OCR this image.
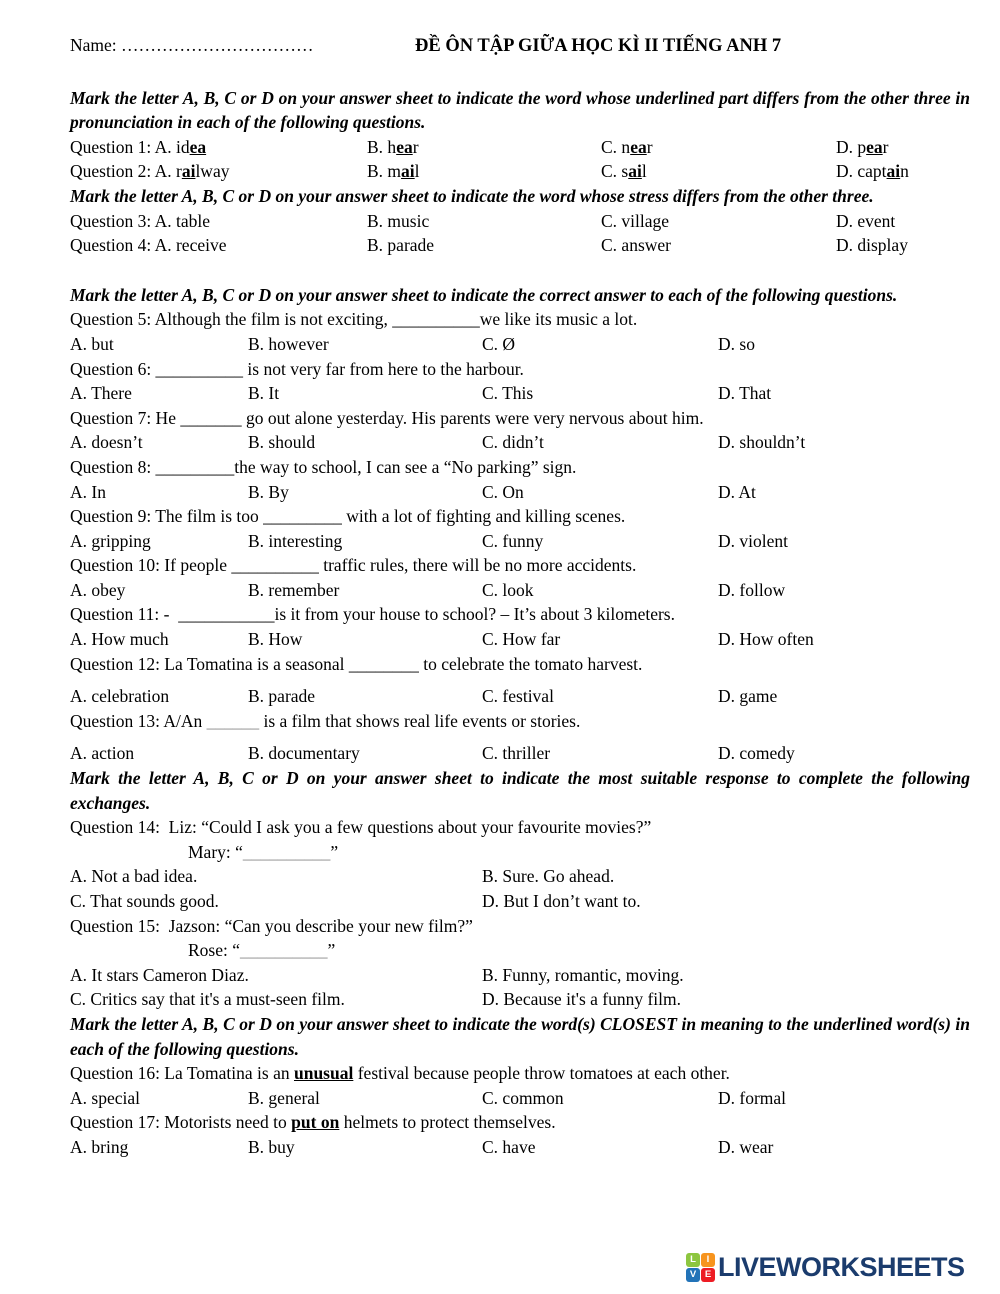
Name: ……………………………	ĐỀ ÔN TẬP GIỮA HỌC KÌ II TIẾNG ANH 7
Mark the letter A, B, C or D on your answer sheet to indicate the word whose underlined part differs from the other three in pronunciation in each of the following questions.
Question 1: A. idea	B. hear	C. near	D. pear
Question 2: A. railway	B. mail	C. sail	D. captain
Mark the letter A, B, C or D on your answer sheet to indicate the word whose stress differs from the other three.
Question 3: A. table	B. music	C. village	D. event
Question 4: A. receive	B. parade	C. answer	D. display
Mark the letter A, B, C or D on your answer sheet to indicate the correct answer to each of the following questions.
Question 5: Although the film is not exciting, __________we like its music a lot.
A. but	B. however	C. Ø	D. so
Question 6: __________ is not very far from here to the harbour.
A. There	B. It	C. This	D. That
Question 7: He _______ go out alone yesterday. His parents were very nervous about him.
A. doesn’t	B. should	C. didn’t	D. shouldn’t
Question 8: _________the way to school, I can see a “No parking” sign.
A. In	B. By	C. On	D. At
Question 9: The film is too _________ with a lot of fighting and killing scenes.
A. gripping	B. interesting	C. funny	D. violent
Question 10: If people __________ traffic rules, there will be no more accidents.
A. obey	B. remember	C. look	D. follow
Question 11: -  ___________is it from your house to school? – It’s about 3 kilometers.
A. How much	B. How	C. How far	D. How often
Question 12: La Tomatina is a seasonal ________ to celebrate the tomato harvest.
A. celebration	B. parade	C. festival	D. game
Question 13: A/An ______ is a film that shows real life events or stories.
A. action	B. documentary	C. thriller	D. comedy
Mark the letter A, B, C or D on your answer sheet to indicate the most suitable response to complete the following exchanges.
Question 14:  Liz: “Could I ask you a few questions about your favourite movies?”
Mary: “__________”
A. Not a bad idea.	B. Sure. Go ahead.
C. That sounds good.	D. But I don’t want to.
Question 15:  Jazson: “Can you describe your new film?”
Rose: “__________”
A. It stars Cameron Diaz.	B. Funny, romantic, moving.
C. Critics say that it's a must-seen film.	D. Because it's a funny film.
Mark the letter A, B, C or D on your answer sheet to indicate the word(s) CLOSEST in meaning to the underlined word(s) in each of the following questions.
Question 16: La Tomatina is an unusual festival because people throw tomatoes at each other.
A. special	B. general	C. common	D. formal
Question 17: Motorists need to put on helmets to protect themselves.
A. bring	B. buy	C. have	D. wear
L	I
V E LIVEWORKSHEETS
